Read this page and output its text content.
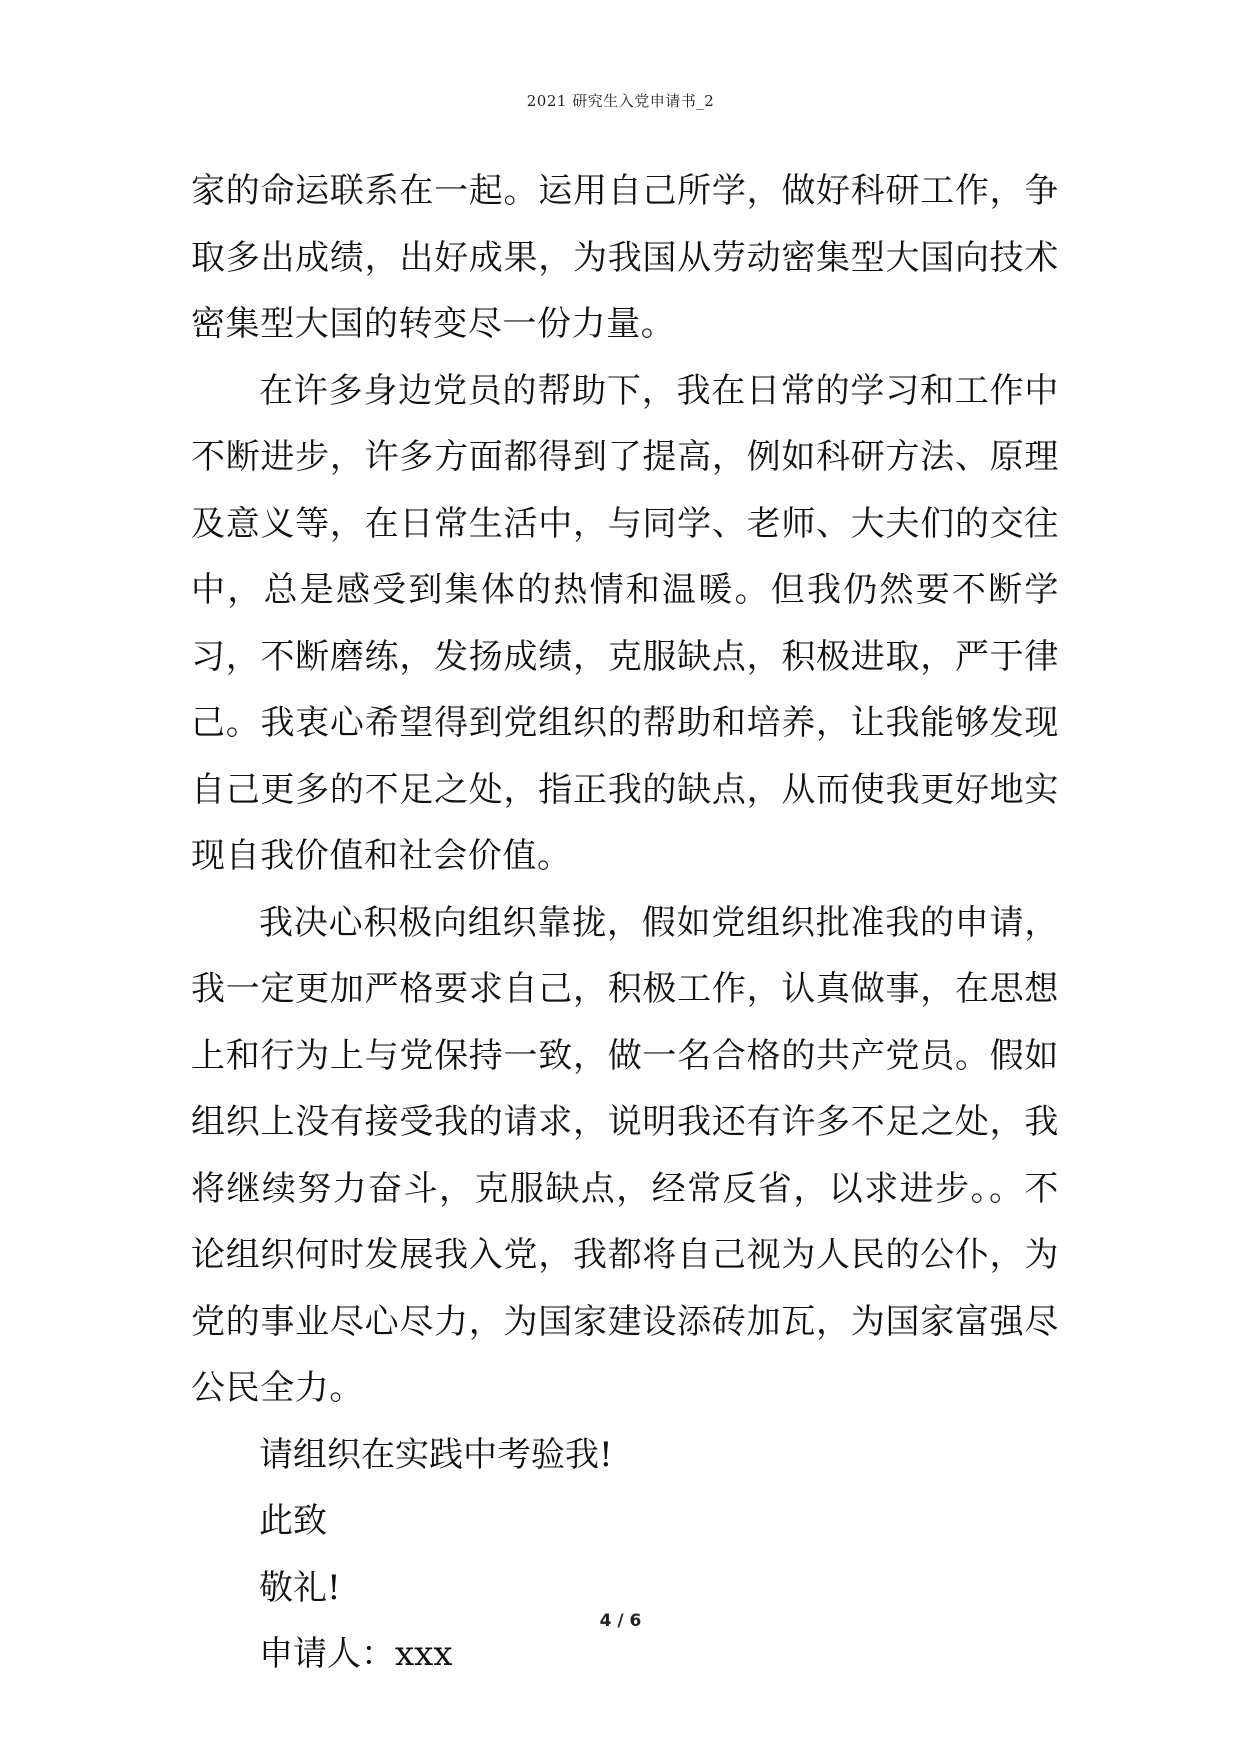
2021 研究生入党申请书_2

家的命运联系在一起。运用自己所学，做好科研工作，争取多出成绩，出好成果，为我国从劳动密集型大国向技术密集型大国的转变尽一份力量。

在许多身边党员的帮助下，我在日常的学习和工作中不断进步，许多方面都得到了提高，例如科研方法、原理及意义等，在日常生活中，与同学、老师、大夫们的交往中，总是感受到集体的热情和温暖。但我仍然要不断学习，不断磨练，发扬成绩，克服缺点，积极进取，严于律己。我衷心希望得到党组织的帮助和培养，让我能够发现自己更多的不足之处，指正我的缺点，从而使我更好地实现自我价值和社会价值。

我决心积极向组织靠拢，假如党组织批准我的申请，我一定更加严格要求自己，积极工作，认真做事，在思想上和行为上与党保持一致，做一名合格的共产党员。假如组织上没有接受我的请求，说明我还有许多不足之处，我将继续努力奋斗，克服缺点，经常反省，以求进步。。不论组织何时发展我入党，我都将自己视为人民的公仆，为党的事业尽心尽力，为国家建设添砖加瓦，为国家富强尽公民全力。

请组织在实践中考验我!

此致

敬礼!

申请人：xxx

4 / 6
